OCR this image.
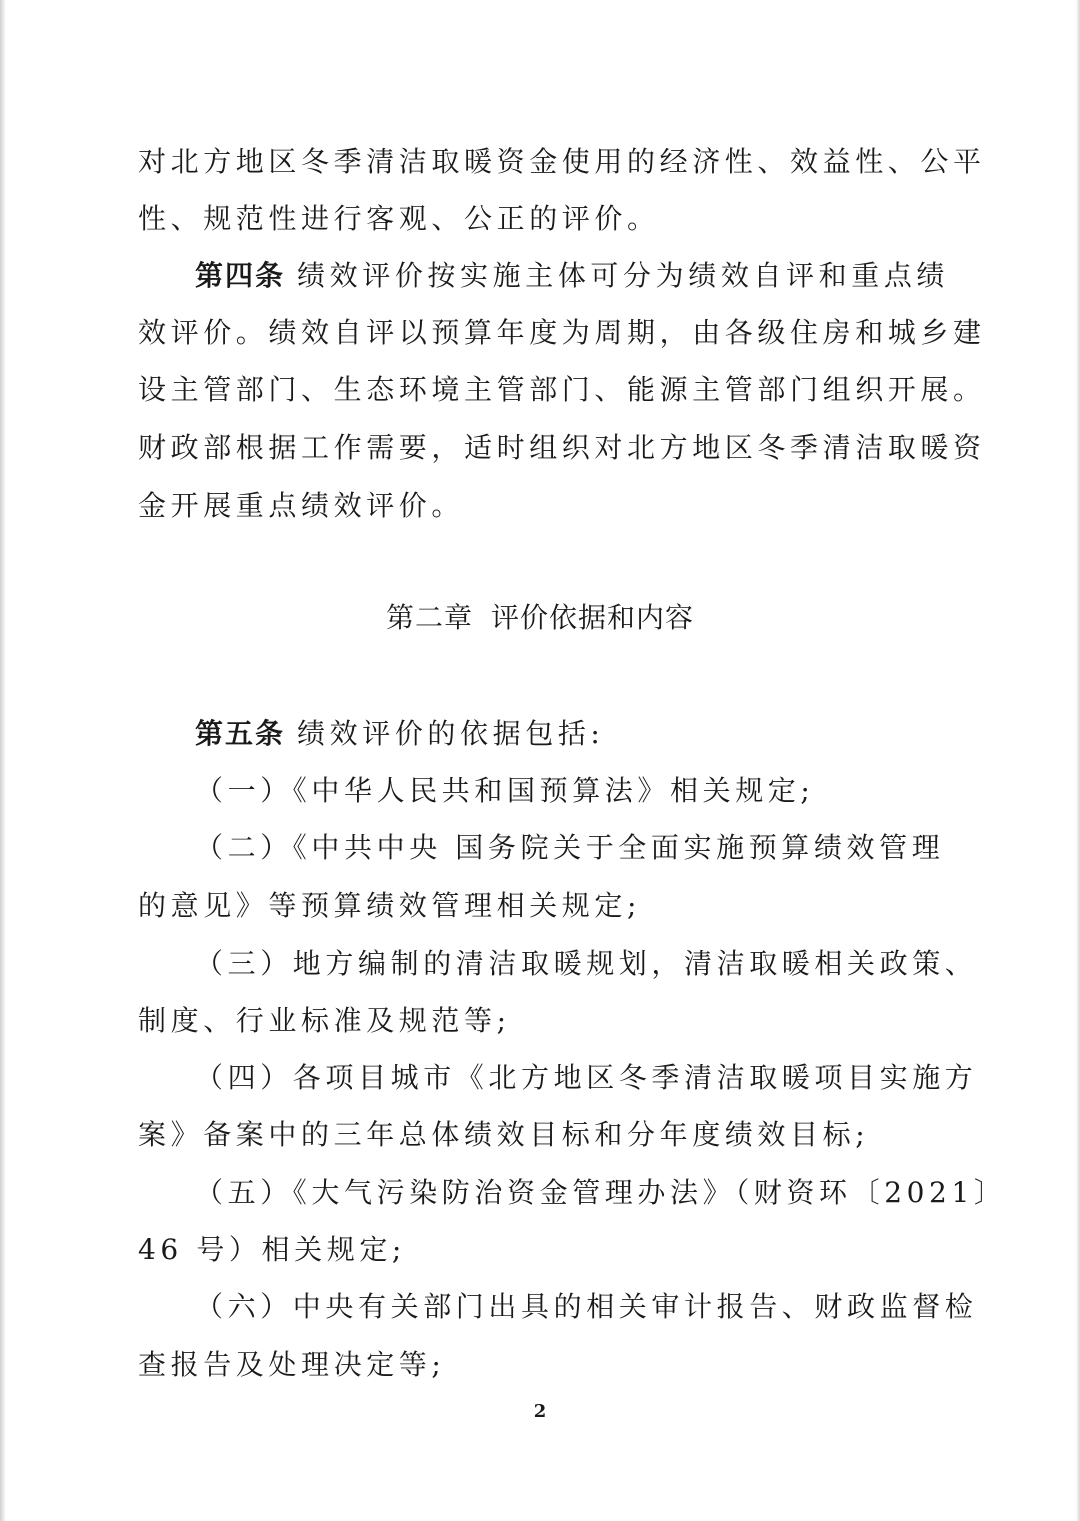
对北方地区冬季清洁取暖资金使用的经济性、效益性、公平
性、规范性进行客观、公正的评价。
第四条 绩效评价按实施主体可分为绩效自评和重点绩
效评价。绩效自评以预算年度为周期，由各级住房和城乡建
设主管部门、生态环境主管部门、能源主管部门组织开展。
财政部根据工作需要，适时组织对北方地区冬季清洁取暖资
金开展重点绩效评价。
第二章 评价依据和内容
第五条 绩效评价的依据包括:
（一）《中华人民共和国预算法》相关规定;
（二）《中共中央 国务院关于全面实施预算绩效管理
的意见》等预算绩效管理相关规定;
（三）地方编制的清洁取暖规划，清洁取暖相关政策、
制度、行业标准及规范等;
（四）各项目城市《北方地区冬季清洁取暖项目实施方
案》备案中的三年总体绩效目标和分年度绩效目标;
（五）《大气污染防治资金管理办法》（财资环〔2021〕
46 号）相关规定;
（六）中央有关部门出具的相关审计报告、财政监督检
查报告及处理决定等;
2
